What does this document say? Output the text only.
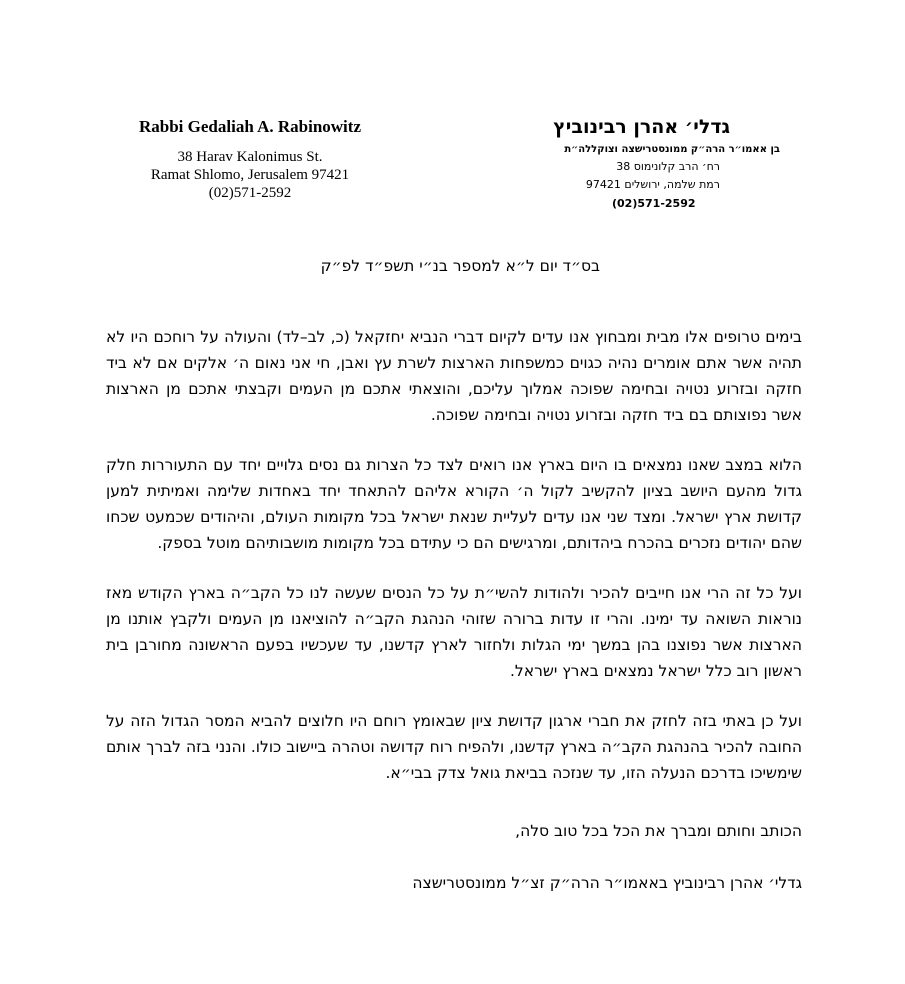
Rabbi Gedaliah A. Rabinowitz
38 Harav Kalonimus St.
Ramat Shlomo, Jerusalem 97421
(02)571-2592
גדלי׳ אהרן רבינוביץ
בן אאמו״ר הרה״ק ממונסטרישצה וצוקללה״ת
רח׳ הרב קלונימוס 38
רמת שלמה, ירושלים 97421
(02)571-2592
בס״ד יום ל״א למספר בנ״י תשפ״ד לפ״ק

בימים טרופים אלו מבית ומבחוץ אנו עדים לקיום דברי הנביא יחזקאל (כ, לב–לד) והעולה על רוחכם היו לא תהיה אשר אתם אומרים נהיה כגוים כמשפחות הארצות לשרת עץ ואבן, חי אני נאום ה׳ אלקים אם לא ביד חזקה ובזרוע נטויה ובחימה שפוכה אמלוך עליכם, והוצאתי אתכם מן העמים וקבצתי אתכם מן הארצות אשר נפוצותם בם ביד חזקה ובזרוע נטויה ובחימה שפוכה.

הלוא במצב שאנו נמצאים בו היום בארץ אנו רואים לצד כל הצרות גם נסים גלויים יחד עם התעוררות חלק גדול מהעם היושב בציון להקשיב לקול ה׳ הקורא אליהם להתאחד יחד באחדות שלימה ואמיתית למען קדושת ארץ ישראל. ומצד שני אנו עדים לעליית שנאת ישראל בכל מקומות העולם, והיהודים שכמעט שכחו שהם יהודים נזכרים בהכרח ביהדותם, ומרגישים הם כי עתידם בכל מקומות מושבותיהם מוטל בספק.

ועל כל זה הרי אנו חייבים להכיר ולהודות להשי״ת על כל הנסים שעשה לנו כל הקב״ה בארץ הקודש מאז נוראות השואה עד ימינו. והרי זו עדות ברורה שזוהי הנהגת הקב״ה להוציאנו מן העמים ולקבץ אותנו מן הארצות אשר נפוצנו בהן במשך ימי הגלות ולחזור לארץ קדשנו, עד שעכשיו בפעם הראשונה מחורבן בית ראשון רוב כלל ישראל נמצאים בארץ ישראל.

ועל כן באתי בזה לחזק את חברי ארגון קדושת ציון שבאומץ רוחם היו חלוצים להביא המסר הגדול הזה על החובה להכיר בהנהגת הקב״ה בארץ קדשנו, ולהפיח רוח קדושה וטהרה ביישוב כולו. והנני בזה לברך אותם שימשיכו בדרכם הנעלה הזו, עד שנזכה בביאת גואל צדק בבי״א.

הכותב וחותם ומברך את הכל בכל טוב סלה,
גדלי׳ אהרן רבינוביץ באאמו״ר הרה״ק זצ״ל ממונסטרישצה
